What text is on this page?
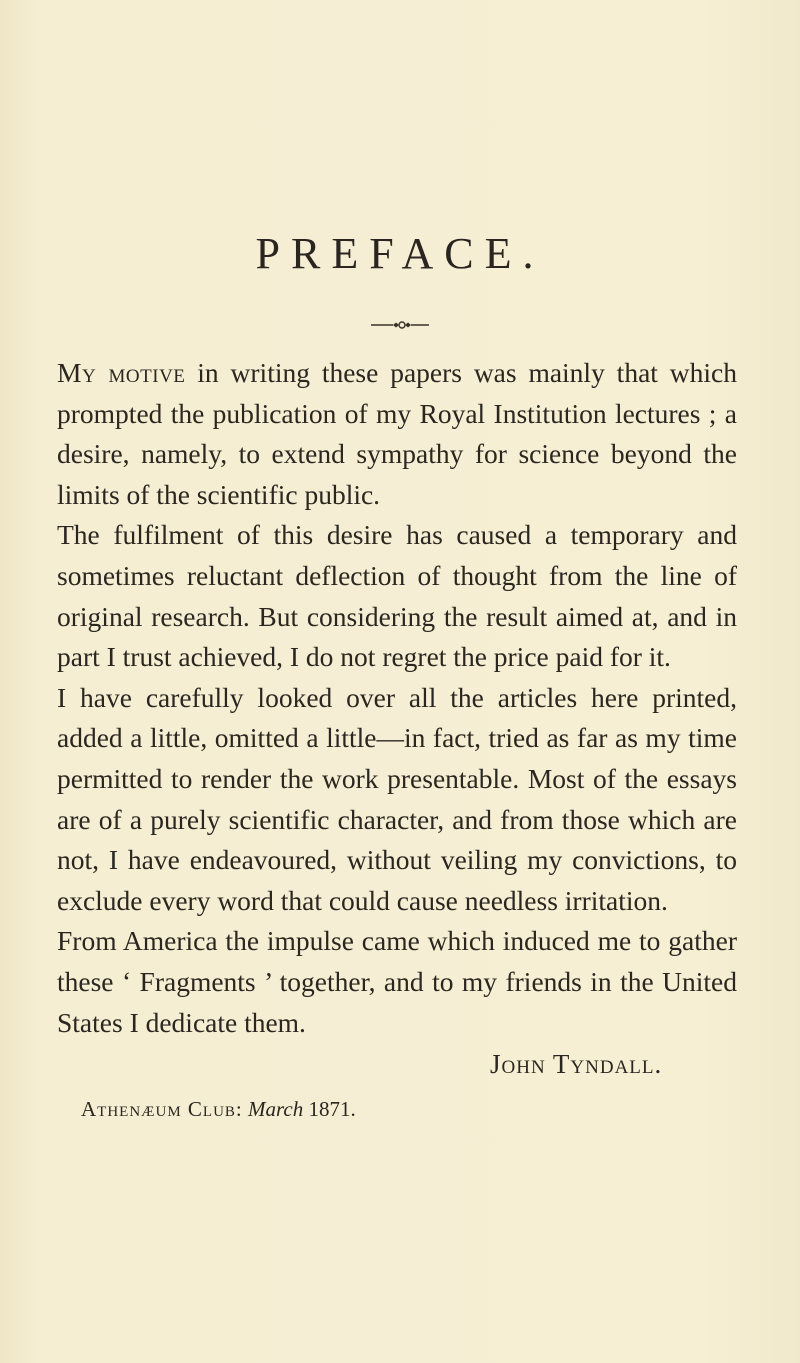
PREFACE.

My motive in writing these papers was mainly that which prompted the publication of my Royal Institution lectures ; a desire, namely, to extend sympathy for science beyond the limits of the scientific public.

The fulfilment of this desire has caused a temporary and sometimes reluctant deflection of thought from the line of original research. But considering the result aimed at, and in part I trust achieved, I do not regret the price paid for it.

I have carefully looked over all the articles here printed, added a little, omitted a little—in fact, tried as far as my time permitted to render the work presentable. Most of the essays are of a purely scientific character, and from those which are not, I have endeavoured, without veiling my convictions, to exclude every word that could cause needless irritation.

From America the impulse came which induced me to gather these ‘ Fragments ’ together, and to my friends in the United States I dedicate them.

John Tyndall.
Athenæum Club: March 1871.
